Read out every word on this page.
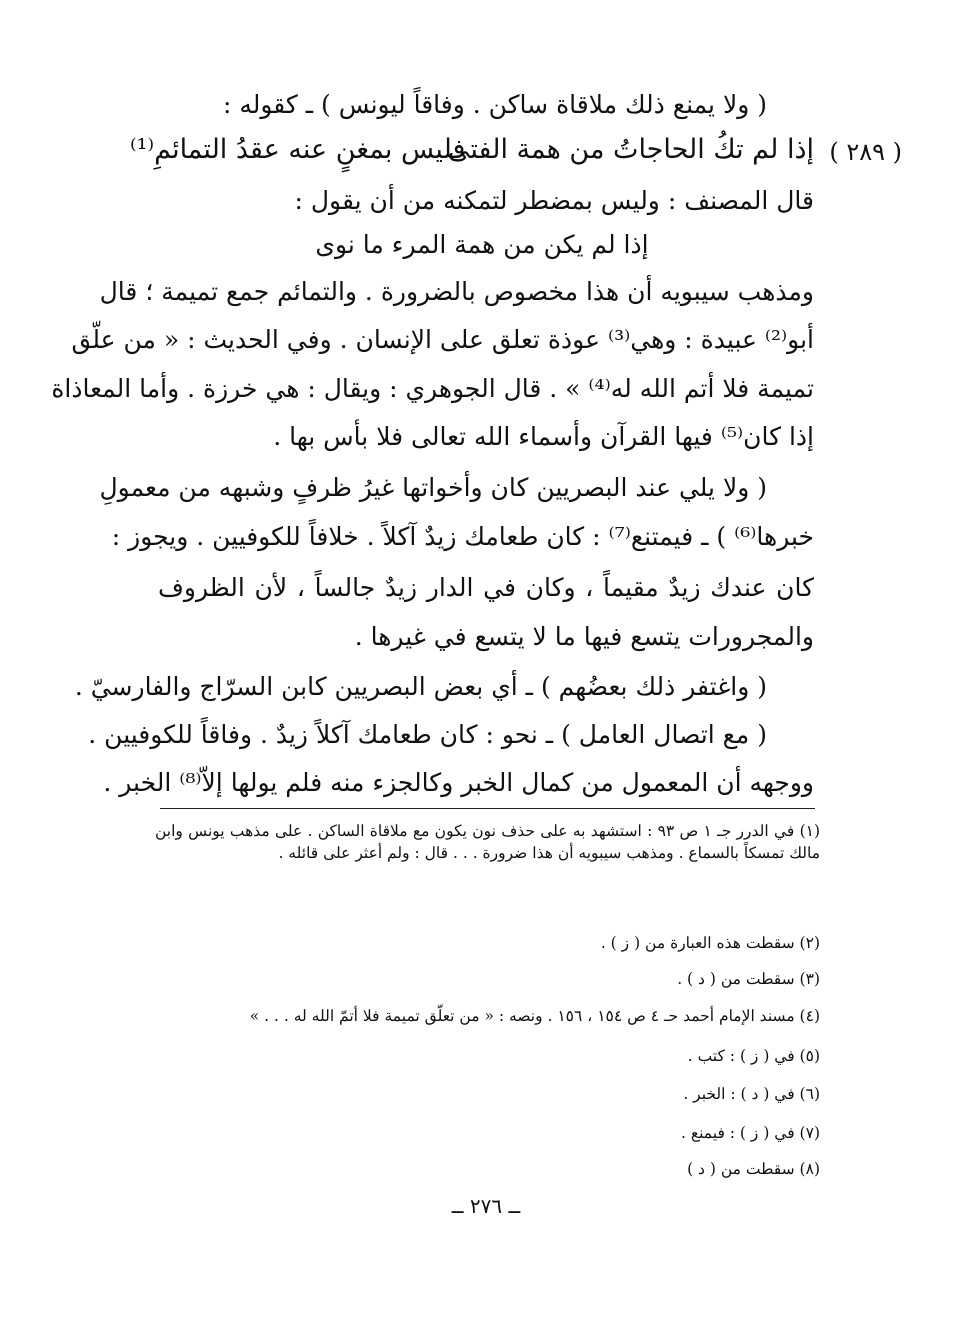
( ولا يمنع ذلك ملاقاة ساكن . وفاقاً ليونس ) ـ كقوله :
( ٢٨٩ )
إذا لم تكُ الحاجاتُ من همة الفتى
فليس بمغنٍ عنه عقدُ التمائمِ⁽¹⁾
قال المصنف : وليس بمضطر لتمكنه من أن يقول :
إذا لم يكن من همة المرء ما نوى
ومذهب سيبويه أن هذا مخصوص بالضرورة . والتمائم جمع تميمة ؛ قال
أبو⁽²⁾ عبيدة : وهي⁽³⁾ عوذة تعلق على الإنسان . وفي الحديث : « من علّق
تميمة فلا أتم الله له⁽⁴⁾ » . قال الجوهري : ويقال : هي خرزة . وأما المعاذاة
إذا كان⁽⁵⁾ فيها القرآن وأسماء الله تعالى فلا بأس بها .
( ولا يلي عند البصريين كان وأخواتها غيرُ ظرفٍ وشبهه من معمولِ
خبرها⁽⁶⁾ ) ـ فيمتنع⁽⁷⁾ : كان طعامك زيدٌ آكلاً . خلافاً للكوفيين . ويجوز :
كان عندك زيدٌ مقيماً ، وكان في الدار زيدٌ جالساً ، لأن الظروف
والمجرورات يتسع فيها ما لا يتسع في غيرها .
( واغتفر ذلك بعضُهم ) ـ أي بعض البصريين كابن السرّاج والفارسيّ .
( مع اتصال العامل ) ـ نحو : كان طعامك آكلاً زيدٌ . وفاقاً للكوفيين .
ووجهه أن المعمول من كمال الخبر وكالجزء منه فلم يولها إلاّ⁽⁸⁾ الخبر .
(١) في الدرر جـ ١ ص ٩٣ : استشهد به على حذف نون يكون مع ملاقاة الساكن . على مذهب يونس وابن مالك تمسكاً بالسماع . ومذهب سيبويه أن هذا ضرورة . . . قال : ولم أعثر على قائله .
(٢) سقطت هذه العبارة من ( ز ) .
(٣) سقطت من ( د ) .
(٤) مسند الإمام أحمد حـ ٤ ص ١٥٤ ، ١٥٦ . ونصه : « من تعلّق تميمة فلا أتمّ الله له . . . »
(٥) في ( ز ) : كتب .
(٦) في ( د ) : الخبر .
(٧) في ( ز ) : فيمنع .
(٨) سقطت من ( د )
ــ ٢٧٦ ــ
